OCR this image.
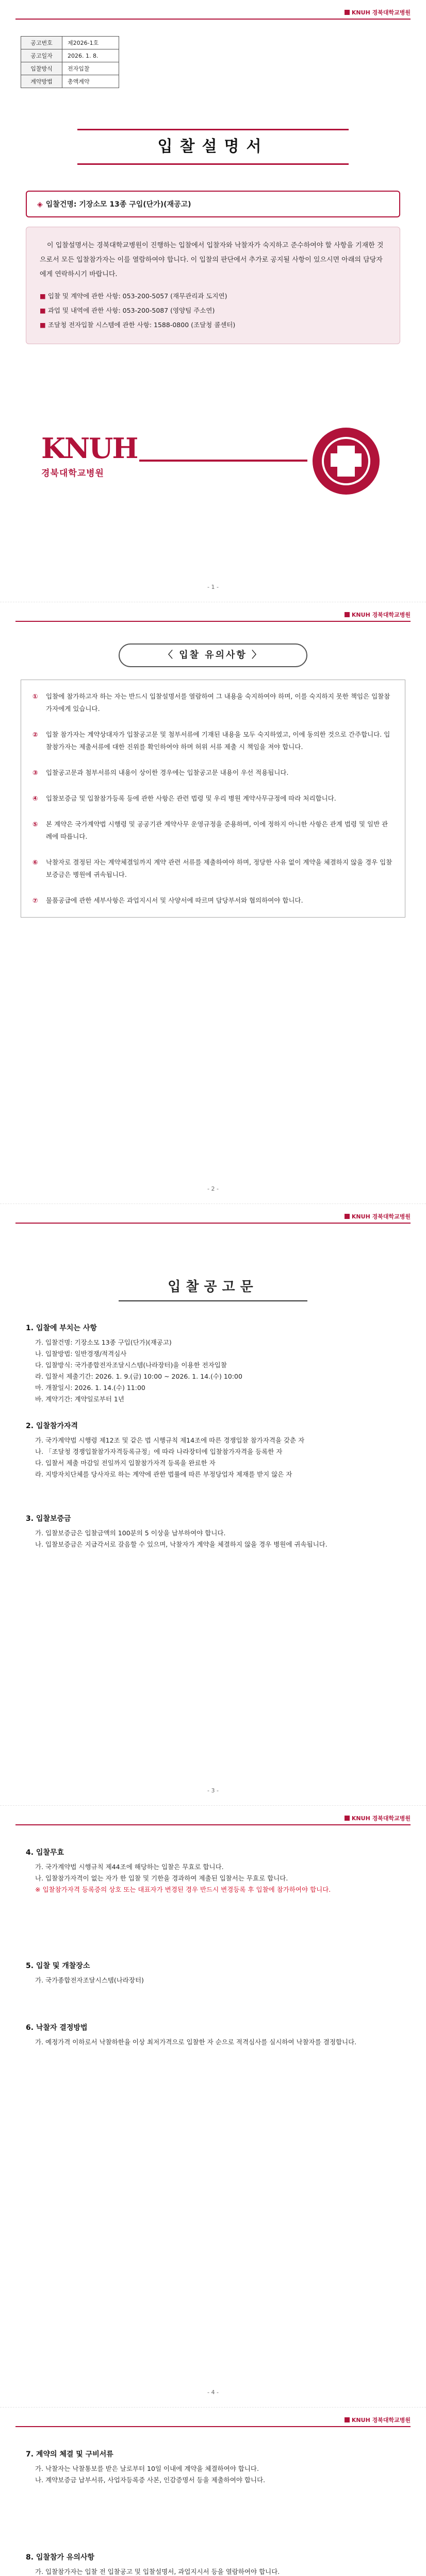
KNUH 경북대학교병원
공고번호	제2026-1호
공고일자	2026. 1. 8.
입찰방식	전자입찰
계약방법	총액계약
입찰설명서
◈ 입찰건명: 기장소모 13종 구입(단가)(재공고)
이 입찰설명서는 경북대학교병원이 진행하는 입찰에서 입찰자와 낙찰자가 숙지하고 준수하여야 할 사항을 기재한 것으로서 모든 입찰참가자는 이를 열람하여야 합니다. 이 입찰의 판단에서 추가로 공지될 사항이 있으시면 아래의 담당자에게 연락하시기 바랍니다.
■ 입찰 및 계약에 관한 사항: 053-200-5057 (재무관리과 도지연)
■ 과업 및 내역에 관한 사항: 053-200-5087 (영양팀 주소연)
■ 조달청 전자입찰 시스템에 관한 사항: 1588-0800 (조달청 콜센터)
KNUH
경북대학교병원
- 1 -
KNUH 경북대학교병원
〈 입찰 유의사항 〉
①	입찰에 참가하고자 하는 자는 반드시 입찰설명서를 열람하여 그 내용을 숙지하여야 하며, 이를 숙지하지 못한 책임은 입찰참가자에게 있습니다.
②	입찰 참가자는 계약상대자가 입찰공고문 및 첨부서류에 기재된 내용을 모두 숙지하였고, 이에 동의한 것으로 간주합니다. 입찰참가자는 제출서류에 대한 진위를 확인하여야 하며 허위 서류 제출 시 책임을 져야 합니다.
③	입찰공고문과 첨부서류의 내용이 상이한 경우에는 입찰공고문 내용이 우선 적용됩니다.
④	입찰보증금 및 입찰참가등록 등에 관한 사항은 관련 법령 및 우리 병원 계약사무규정에 따라 처리합니다.
⑤	본 계약은 국가계약법 시행령 및 공공기관 계약사무 운영규정을 준용하며, 이에 정하지 아니한 사항은 관계 법령 및 일반 관례에 따릅니다.
⑥	낙찰자로 결정된 자는 계약체결일까지 계약 관련 서류를 제출하여야 하며, 정당한 사유 없이 계약을 체결하지 않을 경우 입찰보증금은 병원에 귀속됩니다.
⑦	물품공급에 관한 세부사항은 과업지시서 및 사양서에 따르며 담당부서와 협의하여야 합니다.
- 2 -
KNUH 경북대학교병원
입찰공고문
1. 입찰에 부치는 사항
가. 입찰건명: 기장소모 13종 구입(단가)(재공고)
나. 입찰방법: 일반경쟁/적격심사
다. 입찰방식: 국가종합전자조달시스템(나라장터)을 이용한 전자입찰
라. 입찰서 제출기간: 2026. 1. 9.(금) 10:00 ~ 2026. 1. 14.(수) 10:00
마. 개찰일시: 2026. 1. 14.(수) 11:00
바. 계약기간: 계약일로부터 1년
2. 입찰참가자격
가. 국가계약법 시행령 제12조 및 같은 법 시행규칙 제14조에 따른 경쟁입찰 참가자격을 갖춘 자
나. 「조달청 경쟁입찰참가자격등록규정」에 따라 나라장터에 입찰참가자격을 등록한 자
다. 입찰서 제출 마감일 전일까지 입찰참가자격 등록을 완료한 자
라. 지방자치단체를 당사자로 하는 계약에 관한 법률에 따른 부정당업자 제재를 받지 않은 자
3. 입찰보증금
가. 입찰보증금은 입찰금액의 100분의 5 이상을 납부하여야 합니다.
나. 입찰보증금은 지급각서로 갈음할 수 있으며, 낙찰자가 계약을 체결하지 않을 경우 병원에 귀속됩니다.
- 3 -
KNUH 경북대학교병원
4. 입찰무효
가. 국가계약법 시행규칙 제44조에 해당하는 입찰은 무효로 합니다.
나. 입찰참가자격이 없는 자가 한 입찰 및 기한을 경과하여 제출된 입찰서는 무효로 합니다.
※ 입찰참가자격 등록증의 상호 또는 대표자가 변경된 경우 반드시 변경등록 후 입찰에 참가하여야 합니다.
5. 입찰 및 개찰장소
가. 국가종합전자조달시스템(나라장터)
6. 낙찰자 결정방법
가. 예정가격 이하로서 낙찰하한율 이상 최저가격으로 입찰한 자 순으로 적격심사를 실시하여 낙찰자를 결정합니다.
- 4 -
KNUH 경북대학교병원
7. 계약의 체결 및 구비서류
가. 낙찰자는 낙찰통보를 받은 날로부터 10일 이내에 계약을 체결하여야 합니다.
나. 계약보증금 납부서류, 사업자등록증 사본, 인감증명서 등을 제출하여야 합니다.
8. 입찰참가 유의사항
가. 입찰참가자는 입찰 전 입찰공고 및 입찰설명서, 과업지시서 등을 열람하여야 합니다.
